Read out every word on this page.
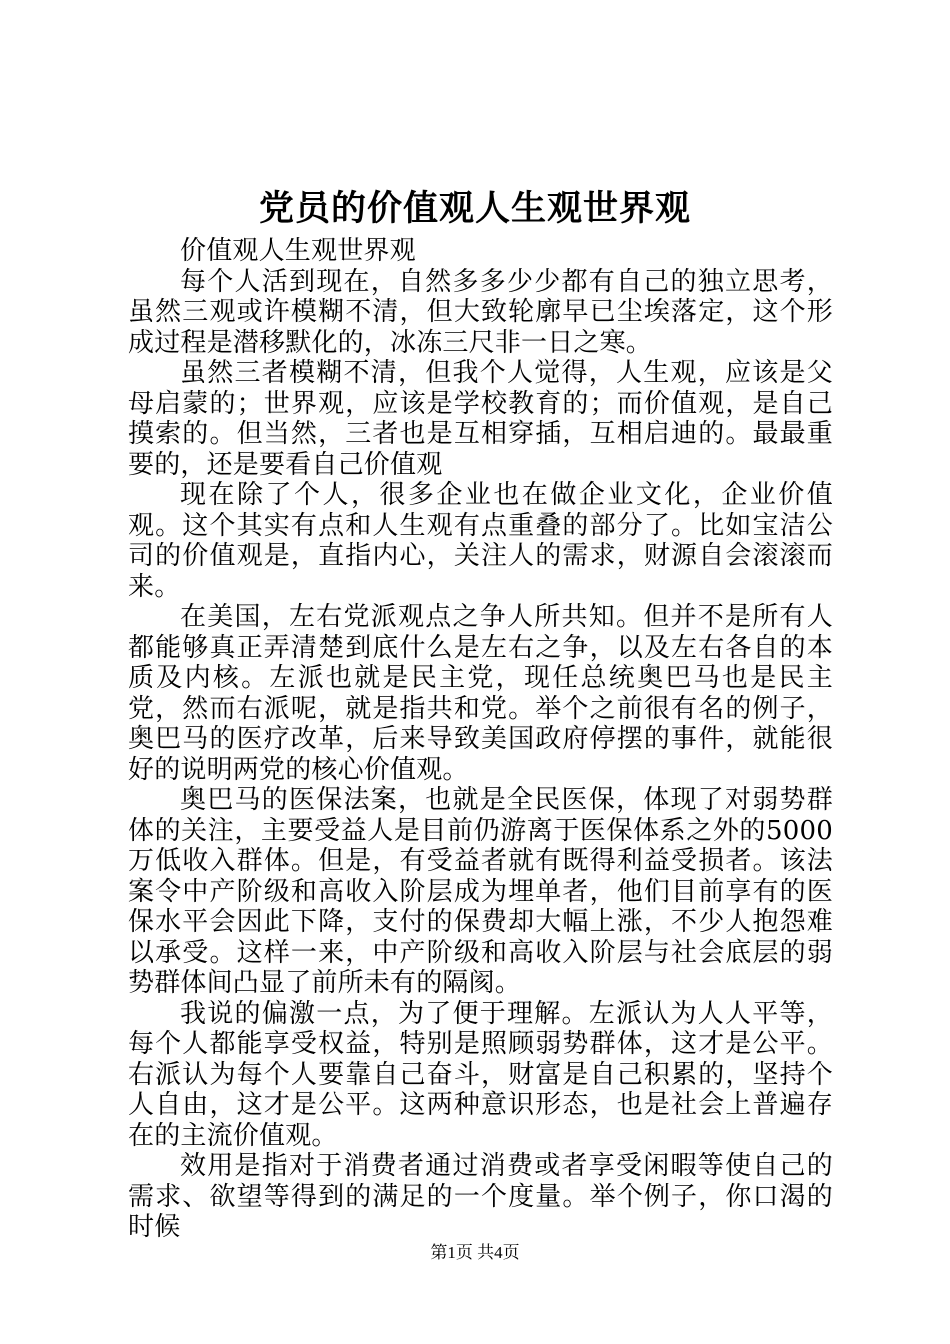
党员的价值观人生观世界观

价值观人生观世界观

每个人活到现在，自然多多少少都有自己的独立思考，虽然三观或许模糊不清，但大致轮廓早已尘埃落定，这个形成过程是潜移默化的，冰冻三尺非一日之寒。

虽然三者模糊不清，但我个人觉得，人生观，应该是父母启蒙的；世界观，应该是学校教育的；而价值观，是自己摸索的。但当然，三者也是互相穿插，互相启迪的。最最重要的，还是要看自己价值观

现在除了个人，很多企业也在做企业文化，企业价值观。这个其实有点和人生观有点重叠的部分了。比如宝洁公司的价值观是，直指内心，关注人的需求，财源自会滚滚而来。

在美国，左右党派观点之争人所共知。但并不是所有人都能够真正弄清楚到底什么是左右之争，以及左右各自的本质及内核。左派也就是民主党，现任总统奥巴马也是民主党，然而右派呢，就是指共和党。举个之前很有名的例子，奥巴马的医疗改革，后来导致美国政府停摆的事件，就能很好的说明两党的核心价值观。

奥巴马的医保法案，也就是全民医保，体现了对弱势群体的关注，主要受益人是目前仍游离于医保体系之外的5000万低收入群体。但是，有受益者就有既得利益受损者。该法案令中产阶级和高收入阶层成为埋单者，他们目前享有的医保水平会因此下降，支付的保费却大幅上涨，不少人抱怨难以承受。这样一来，中产阶级和高收入阶层与社会底层的弱势群体间凸显了前所未有的隔阂。

我说的偏激一点，为了便于理解。左派认为人人平等，每个人都能享受权益，特别是照顾弱势群体，这才是公平。右派认为每个人要靠自己奋斗，财富是自己积累的，坚持个人自由，这才是公平。这两种意识形态，也是社会上普遍存在的主流价值观。

效用是指对于消费者通过消费或者享受闲暇等使自己的需求、欲望等得到的满足的一个度量。举个例子，你口渴的时候

第1页 共4页
